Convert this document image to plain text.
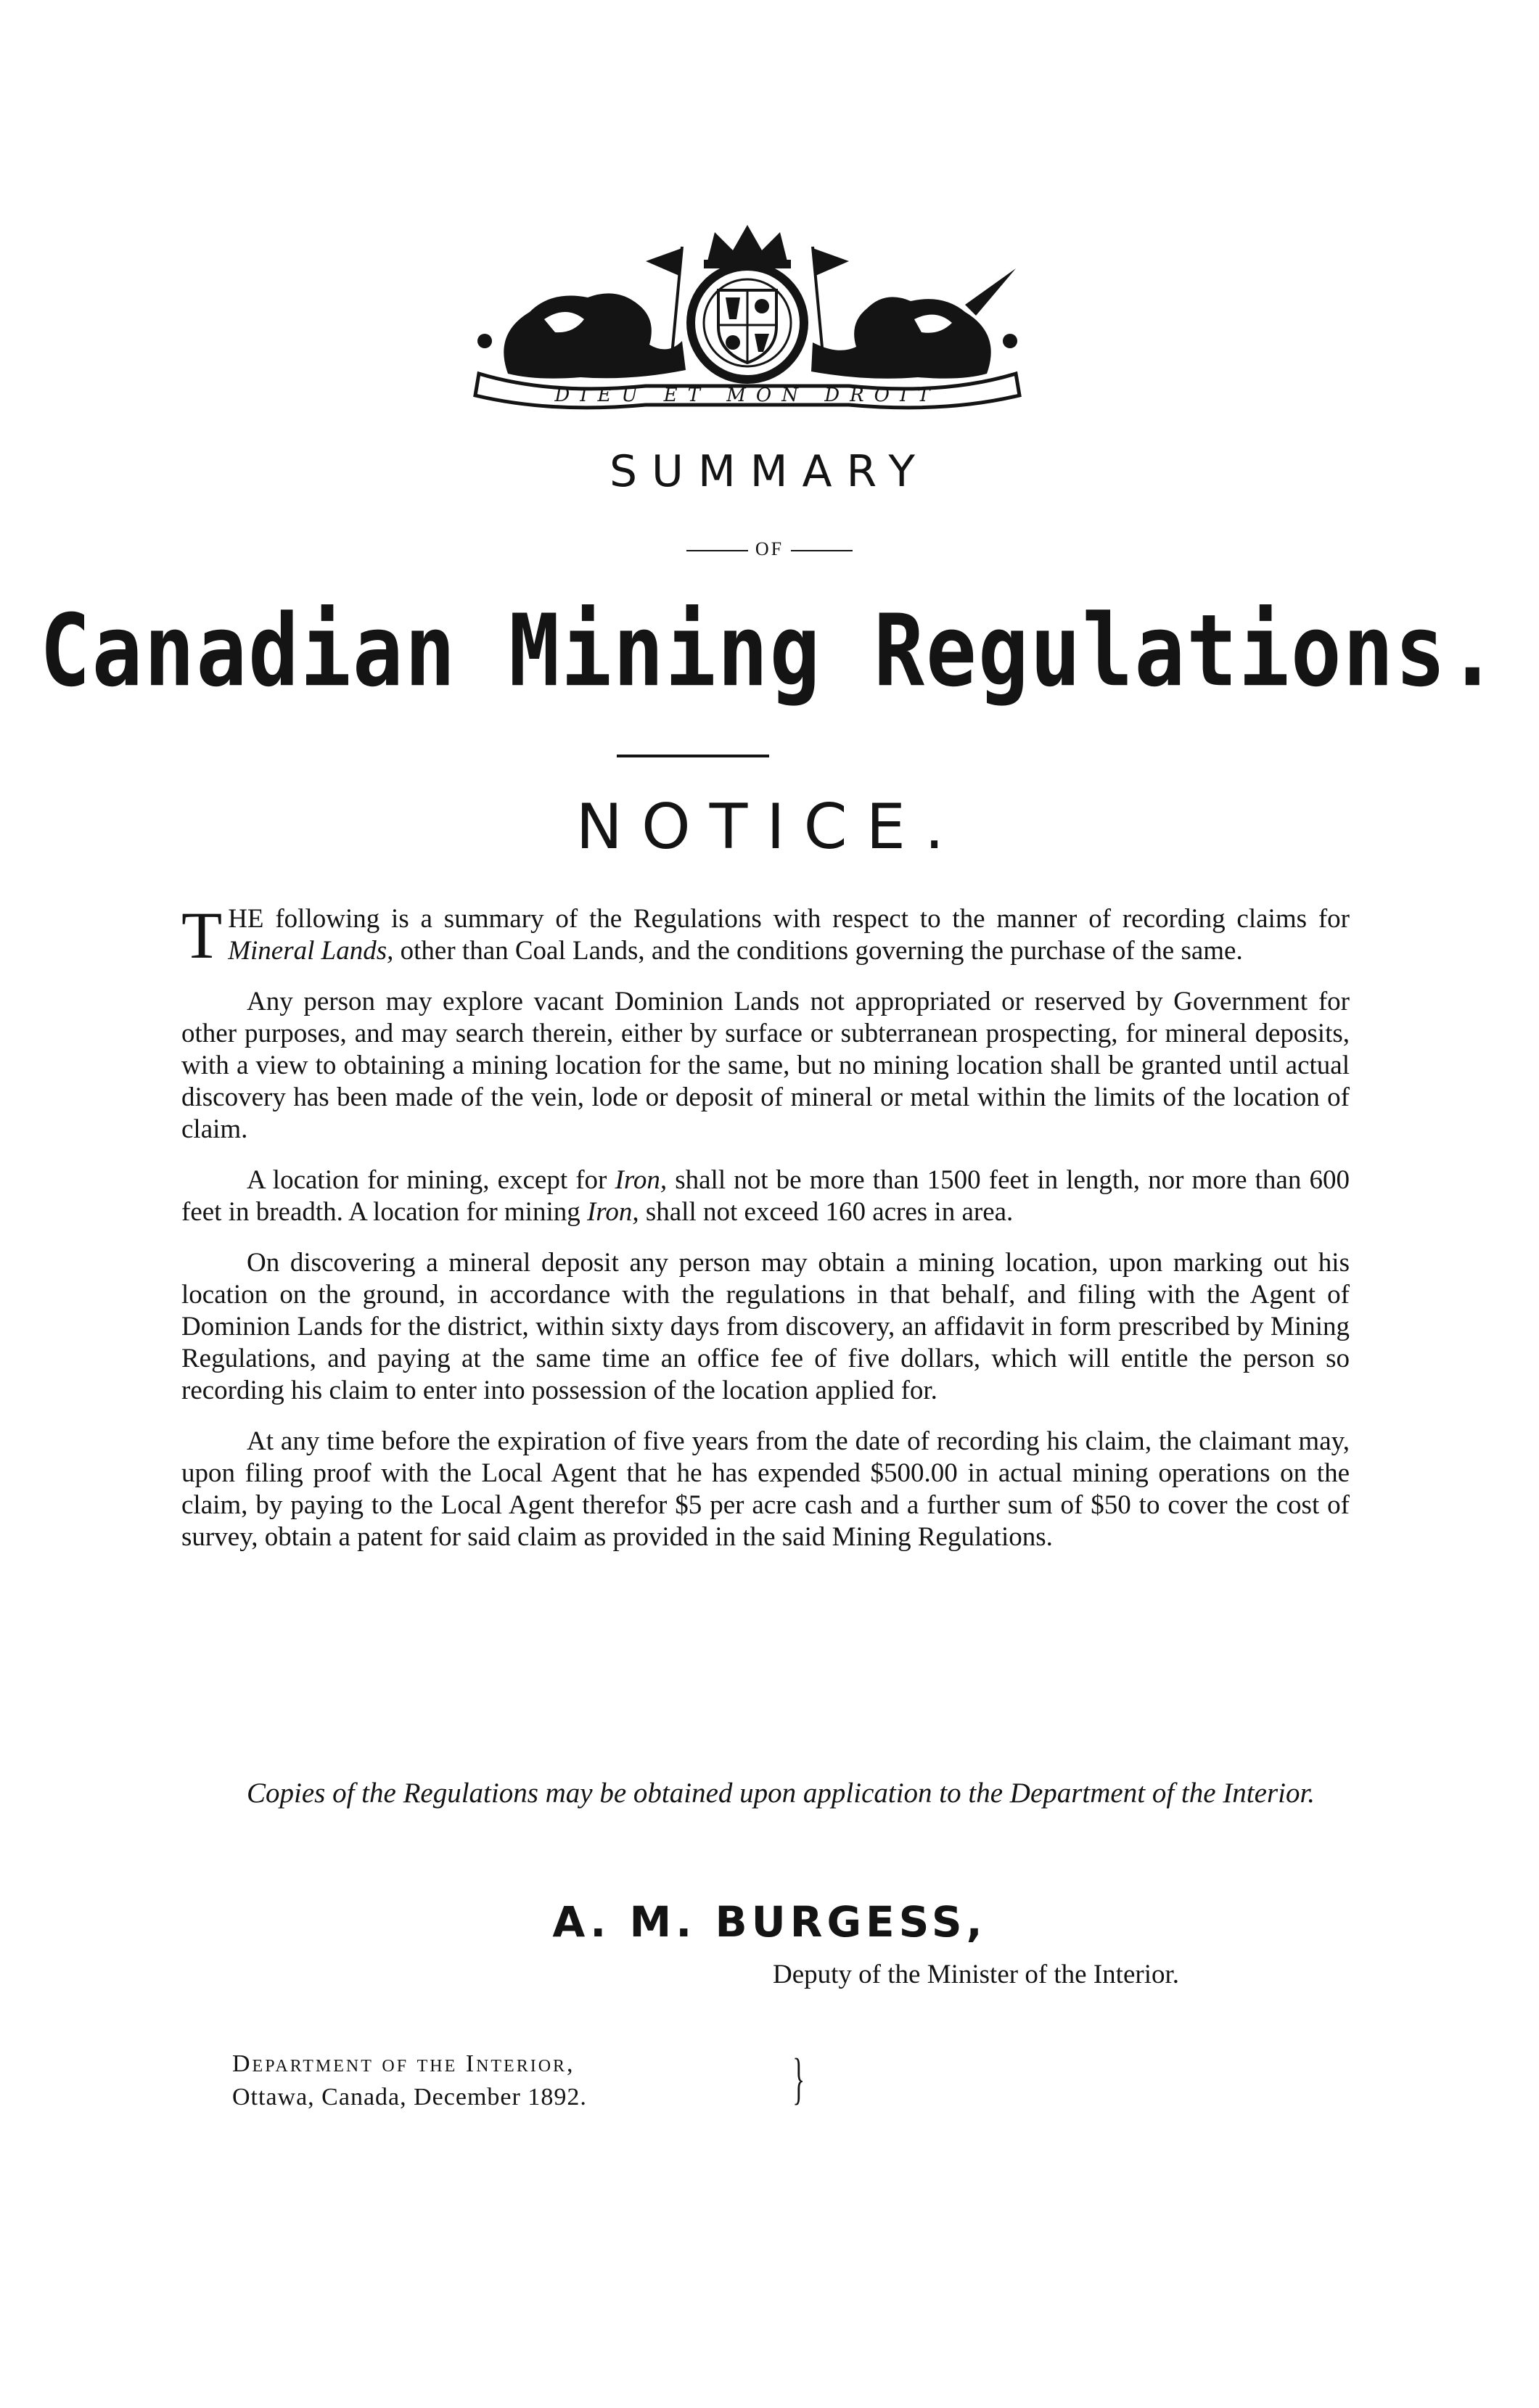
DIEU ET MON DROIT
SUMMARY
OF
Canadian Mining Regulations.
NOTICE.

THE following is a summary of the Regulations with respect to the manner of recording claims for Mineral Lands, other than Coal Lands, and the conditions governing the purchase of the same.

Any person may explore vacant Dominion Lands not appropriated or reserved by Government for other purposes, and may search therein, either by surface or subterranean prospecting, for mineral deposits, with a view to obtaining a mining location for the same, but no mining location shall be granted until actual discovery has been made of the vein, lode or deposit of mineral or metal within the limits of the location of claim.

A location for mining, except for Iron, shall not be more than 1500 feet in length, nor more than 600 feet in breadth. A location for mining Iron, shall not exceed 160 acres in area.

On discovering a mineral deposit any person may obtain a mining location, upon marking out his location on the ground, in accordance with the regulations in that behalf, and filing with the Agent of Dominion Lands for the district, within sixty days from discovery, an affidavit in form prescribed by Mining Regulations, and paying at the same time an office fee of five dollars, which will entitle the person so recording his claim to enter into possession of the location applied for.

At any time before the expiration of five years from the date of recording his claim, the claimant may, upon filing proof with the Local Agent that he has expended $500.00 in actual mining operations on the claim, by paying to the Local Agent therefor $5 per acre cash and a further sum of $50 to cover the cost of survey, obtain a patent for said claim as provided in the said Mining Regulations.

Copies of the Regulations may be obtained upon application to the Department of the Interior.
A. M. BURGESS,
Deputy of the Minister of the Interior.
Department of the Interior,
Ottawa, Canada, December 1892.	}
